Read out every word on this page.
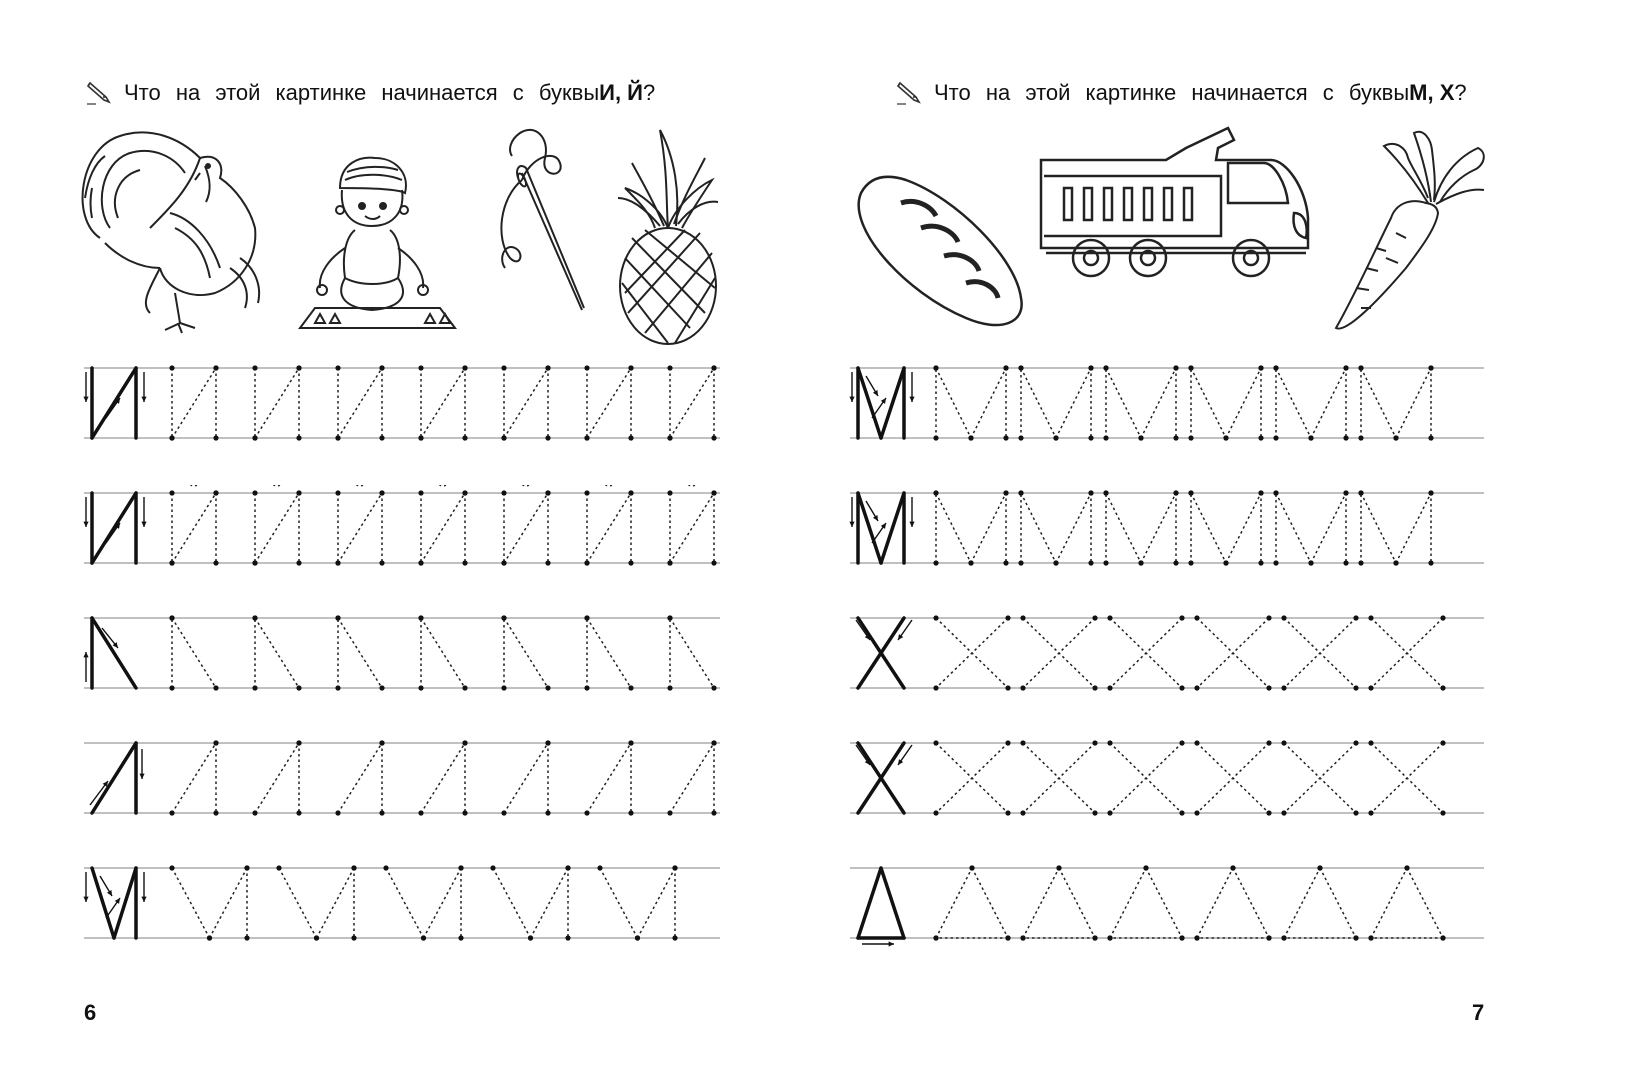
Что на этой картинке начинается с буквы И, Й ?
6
Что на этой картинке начинается с буквы М, Х ?
7
